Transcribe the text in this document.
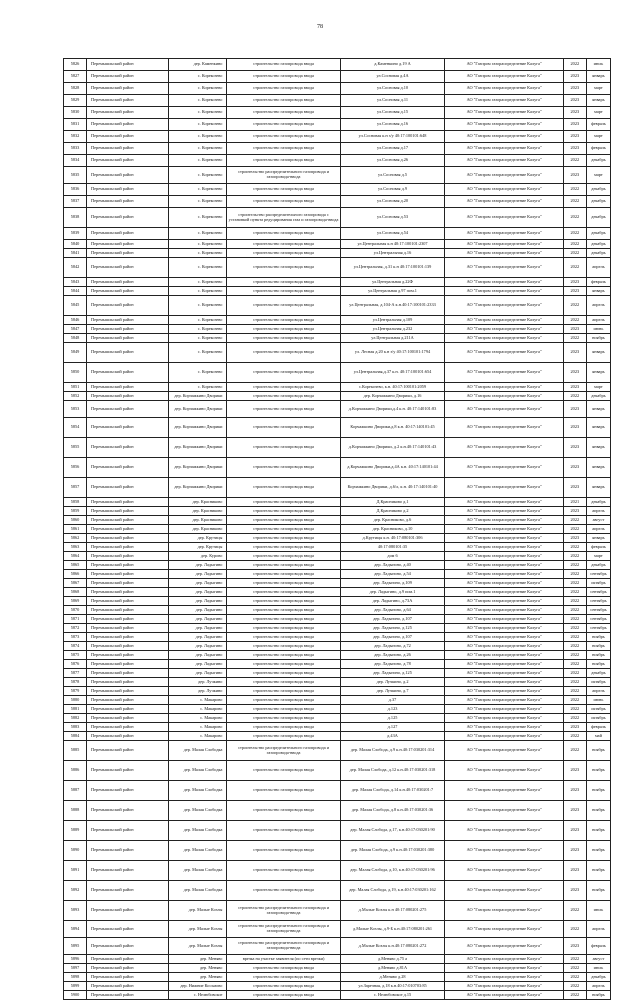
78
5826	Перемышльский район	дер. Каменкино	строительство газопровода ввода	д.Каменкино д.19 А	АО "Газпром газораспределение Калуга"	2022	июль
5827	Перемышльский район	с. Корекозево	строительство газопровода ввода	ул.Сосновая д.4А	АО "Газпром газораспределение Калуга"	2023	январь
5828	Перемышльский район	с. Корекозево	строительство газопровода ввода	ул.Сосновая д.10	АО "Газпром газораспределение Калуга"	2023	март
5829	Перемышльский район	с. Корекозево	строительство газопровода ввода	ул.Сосновая д.11	АО "Газпром газораспределение Калуга"	2023	январь
5830	Перемышльский район	с. Корекозево	строительство газопровода ввода	ул.Сосновая д.15	АО "Газпром газораспределение Калуга"	2023	март
5831	Перемышльский район	с. Корекозево	строительство газопровода ввода	ул.Сосновая д.16	АО "Газпром газораспределение Калуга"	2023	февраль
5832	Перемышльский район	с. Корекозево	строительство газопровода ввода	ул.Сосновая к.н з/у 40:17:100101:648	АО "Газпром газораспределение Калуга"	2023	март
5833	Перемышльский район	с. Корекозево	строительство газопровода ввода	ул.Сосновая д.17	АО "Газпром газораспределение Калуга"	2023	февраль
5834	Перемышльский район	с. Корекозево	строительство газопровода ввода	ул.Сосновая д.26	АО "Газпром газораспределение Калуга"	2022	декабрь
5835	Перемышльский район	с. Корекозево	строительство распределительного газопровода и газопровода-ввода	ул.Сосновая д.5	АО "Газпром газораспределение Калуга"	2023	март
5836	Перемышльский район	с. Корекозево	строительство газопровода ввода	ул.Сосновая д.9	АО "Газпром газораспределение Калуга"	2022	декабрь
5837	Перемышльский район	с. Корекозево	строительство газопровода ввода	ул.Сосновая д.20	АО "Газпром газораспределение Калуга"	2022	декабрь
5838	Перемышльский район	с. Корекозево	строительство распределительного газопровода с установкой пункта редуцирования газа и газопровода-ввода	ул.Сосновая д.53	АО "Газпром газораспределение Калуга"	2022	декабрь
5839	Перемышльский район	с. Корекозево	строительство газопровода ввода	ул.Сосновая д.54	АО "Газпром газораспределение Калуга"	2022	декабрь
5840	Перемышльский район	с. Корекозево	строительство газопровода ввода	ул.Центральная к.н 40:17:100101:2307	АО "Газпром газораспределение Калуга"	2022	декабрь
5841	Перемышльский район	с. Корекозево	строительство газопровода ввода	ул.Центральная д.16	АО "Газпром газораспределение Калуга"	2022	декабрь
5842	Перемышльский район	с. Корекозево	строительство газопровода ввода	ул.Центральная, д.31 к.н 40:17:100101:139	АО "Газпром газораспределение Калуга"	2022	апрель
5843	Перемышльский район	с. Корекозево	строительство газопровода ввода	ул.Центральная д.22Ф	АО "Газпром газораспределение Калуга"	2023	февраль
5844	Перемышльский район	с. Корекозево	строительство газопровода ввода	ул.Центральная д.97 пом.1	АО "Газпром газораспределение Калуга"	2023	январь
5845	Перемышльский район	с. Корекозево	строительство газопровода ввода	ул.Центральная, д.104-А к.н.40:17:100101:2333	АО "Газпром газораспределение Калуга"	2022	апрель
5846	Перемышльский район	с. Корекозево	строительство газопровода ввода	ул.Центральная д.109	АО "Газпром газораспределение Калуга"	2022	апрель
5847	Перемышльский район	с. Корекозево	строительство газопровода ввода	ул.Центральная д.232	АО "Газпром газораспределение Калуга"	2023	июнь
5848	Перемышльский район	с. Корекозево	строительство газопровода ввода	ул.Центральная д.211А	АО "Газпром газораспределение Калуга"	2022	ноябрь
5849	Перемышльский район	с. Корекозево	строительство газопровода ввода	ул. Лесная д.20 к.н з/у 40:17:100101:1794	АО "Газпром газораспределение Калуга"	2023	январь
5850	Перемышльский район	с. Корекозево	строительство газопровода ввода	ул.Центральная,д.37 к.н. 40:17:100101:654	АО "Газпром газораспределение Калуга"	2023	январь
5851	Перемышльский район	с. Корекозево	строительство газопровода ввода	с.Корекозево, к.н. 40:17:100101:2059	АО "Газпром газораспределение Калуга"	2023	март
5852	Перемышльский район	дер. Корчажкино Дворики	строительство газопровода ввода	дер. Корчажкино Дворики, д.16	АО "Газпром газораспределение Калуга"	2022	декабрь
5853	Перемышльский район	дер. Корчажкино Дворики	строительство газопровода ввода	д.Корчажкино Дворики,д.4 к.н. 40:17:140101:83	АО "Газпром газораспределение Калуга"	2023	январь
5854	Перемышльский район	дер. Корчажкино Дворики	строительство газопровода ввода	Корчажкино Дворики,д.8 к.н. 40:17:140101:45	АО "Газпром газораспределение Калуга"	2023	январь
5855	Перемышльский район	дер. Корчажкино Дворики	строительство газопровода ввода	д.Корчажкино Дворики, д.2 к.н.40:17:140101:43	АО "Газпром газораспределение Калуга"	2023	январь
5856	Перемышльский район	дер. Корчажкино Дворики	строительство газопровода ввода	д.Корчажкино Дворики,д.4А к.н. 40:17:140101:44	АО "Газпром газораспределение Калуга"	2023	январь
5857	Перемышльский район	дер. Корчажкино Дворики	строительство газопровода ввода	Корчажкино Дворики, д.6/л, к.н. 40:17:140101:40	АО "Газпром газораспределение Калуга"	2023	январь
5858	Перемышльский район	дер. Красниково	строительство газопровода ввода	Д.Красниково д.1	АО "Газпром газораспределение Калуга"	2021	декабрь
5859	Перемышльский район	дер. Красниково	строительство газопровода ввода	Д.Красниково д.2	АО "Газпром газораспределение Калуга"	2023	апрель
5860	Перемышльский район	дер. Красниково	строительство газопровода ввода	дер. Красниково, д.6	АО "Газпром газораспределение Калуга"	2022	август
5861	Перемышльский район	дер. Красниково	строительство газопровода ввода	дер. Красниково, д.10	АО "Газпром газораспределение Калуга"	2022	апрель
5862	Перемышльский район	дер. Крутицы	строительство газопровода ввода	д.Крутицы к.н. 40:17:080101:306	АО "Газпром газораспределение Калуга"	2023	январь
5863	Перемышльский район	дер. Крутицы	строительство газопровода ввода	40:17:080101:35	АО "Газпром газораспределение Калуга"	2022	февраль
5864	Перемышльский район	дер. Курово	строительство газопровода ввода	дом 6	АО "Газпром газораспределение Калуга"	2022	март
5865	Перемышльский район	дер. Ладыгино	строительство газопровода ввода	дер. Ладыгино, д.40	АО "Газпром газораспределение Калуга"	2022	декабрь
5866	Перемышльский район	дер. Ладыгино	строительство газопровода ввода	дер. Ладыгино, д.54	АО "Газпром газораспределение Калуга"	2022	сентябрь
5867	Перемышльский район	дер. Ладыгино	строительство газопровода ввода	дер. Ладыгино, д.109	АО "Газпром газораспределение Калуга"	2022	октябрь
5868	Перемышльский район	дер. Ладыгино	строительство газопровода ввода	дер. Ладыгино, д.9 пом.1	АО "Газпром газораспределение Калуга"	2022	сентябрь
5869	Перемышльский район	дер. Ладыгино	строительство газопровода ввода	дер. Ладыгино, д.73А	АО "Газпром газораспределение Калуга"	2022	сентябрь
5870	Перемышльский район	дер. Ладыгино	строительство газопровода ввода	дер. Ладыгино, д.64	АО "Газпром газораспределение Калуга"	2022	сентябрь
5871	Перемышльский район	дер. Ладыгино	строительство газопровода ввода	дер. Ладыгино, д.107	АО "Газпром газораспределение Калуга"	2022	сентябрь
5872	Перемышльский район	дер. Ладыгино	строительство газопровода ввода	дер. Ладыгино, д.125	АО "Газпром газораспределение Калуга"	2022	сентябрь
5873	Перемышльский район	дер. Ладыгино	строительство газопровода ввода	дер. Ладыгино, д.107	АО "Газпром газораспределение Калуга"	2022	ноябрь
5874	Перемышльский район	дер. Ладыгино	строительство газопровода ввода	дер. Ладыгино, д.72	АО "Газпром газораспределение Калуга"	2022	ноябрь
5875	Перемышльский район	дер. Ладыгино	строительство газопровода ввода	дер. Ладыгино, д.26	АО "Газпром газораспределение Калуга"	2022	ноябрь
5876	Перемышльский район	дер. Ладыгино	строительство газопровода ввода	дер. Ладыгино, д.78	АО "Газпром газораспределение Калуга"	2022	ноябрь
5877	Перемышльский район	дер. Ладыгино	строительство газопровода ввода	дер. Ладыгино, д.125	АО "Газпром газораспределение Калуга"	2022	декабрь
5878	Перемышльский район	дер. Лучкино	строительство газопровода ввода	дер. Лучкино, д.2	АО "Газпром газораспределение Калуга"	2022	октябрь
5879	Перемышльский район	дер. Лучкино	строительство газопровода ввода	дер. Лучкино, д.7	АО "Газпром газораспределение Калуга"	2022	апрель
5880	Перемышльский район	с. Макарово	строительство газопровода ввода	д.37	АО "Газпром газораспределение Калуга"	2022	июнь
5881	Перемышльский район	с. Макарово	строительство газопровода ввода	д.123	АО "Газпром газораспределение Калуга"	2022	октябрь
5882	Перемышльский район	с. Макарово	строительство газопровода ввода	д.125	АО "Газпром газораспределение Калуга"	2022	октябрь
5883	Перемышльский район	с. Макарово	строительство газопровода ввода	д.127	АО "Газпром газораспределение Калуга"	2023	февраль
5884	Перемышльский район	с. Макарово	строительство газопровода ввода	д.43А	АО "Газпром газораспределение Калуга"	2022	май
5885	Перемышльский район	дер. Малая Слободка	строительство распределительного газопровода и газопровода-ввода	дер. Малая Слобода, д.9 к.н.40:17:030201:314	АО "Газпром газораспределение Калуга"	2022	ноябрь
5886	Перемышльский район	дер. Малая Слободка	строительство газопровода ввода	дер. Малая Слобода, д.12 к.н.40:17:030201:318	АО "Газпром газораспределение Калуга"	2023	ноябрь
5887	Перемышльский район	дер. Малая Слободка	строительство газопровода ввода	дер. Малая Слобода, д.14 к.н.40:17:030201:7	АО "Газпром газораспределение Калуга"	2023	ноябрь
5888	Перемышльский район	дер. Малая Слободка	строительство газопровода ввода	дер. Малая Слобода, д.8 к.н.40:17:030201:36	АО "Газпром газораспределение Калуга"	2023	ноябрь
5889	Перемышльский район	дер. Малая Слободка	строительство газопровода ввода	дер. Малая Слобода, д.17, к.н.40:17:030201:90	АО "Газпром газораспределение Калуга"	2023	ноябрь
5890	Перемышльский район	дер. Малая Слободка	строительство газопровода ввода	дер. Малая Слобода, д.9 к.н.40:17:030201:380	АО "Газпром газораспределение Калуга"	2023	ноябрь
5891	Перемышльский район	дер. Малая Слободка	строительство газопровода ввода	дер. Малая Слобода, д.10, к.н.40:17:030201:96	АО "Газпром газораспределение Калуга"	2023	ноябрь
5892	Перемышльский район	дер. Малая Слободка	строительство газопровода ввода	дер. Малая Слобода, д.19, к.н.40:17:030201:162	АО "Газпром газораспределение Калуга"	2023	ноябрь
5893	Перемышльский район	дер. Малые Козлы	строительство распределительного газопровода и газопровода-ввода	д.Малые Козлы к.н 40:17:080201:275	АО "Газпром газораспределение Калуга"	2022	июль
5894	Перемышльский район	дер. Малые Козлы	строительство распределительного газопровода и газопровода-ввода	д.Малые Козлы, д.9-Б к.н.40:17:080201:261	АО "Газпром газораспределение Калуга"	2022	апрель
5895	Перемышльский район	дер. Малые Козлы	строительство распределительного газопровода и газопровода-ввода	д.Малые Козлы к.н.40:17:080201:272	АО "Газпром газораспределение Калуга"	2023	февраль
5896	Перемышльский район	дер. Меняво	врезка на участке заявителя (по сети врезки)	д.Меняво д.75 а	АО "Газпром газораспределение Калуга"	2022	август
5897	Перемышльский район	дер. Меняво	строительство газопровода ввода	д.Меняво д.81А	АО "Газпром газораспределение Калуга"	2022	июль
5898	Перемышльский район	дер. Меняво	строительство газопровода ввода	д.Меняво д.28	АО "Газпром газораспределение Калуга"	2022	декабрь
5899	Перемышльский район	дер. Нижние Косьмово	строительство газопровода ввода	ул.Заречная, д.18 к.н.40:17:010703:85	АО "Газпром газораспределение Калуга"	2022	апрель
5900	Перемышльский район	с. Нелюбовское	строительство газопровода ввода	с. Нелюбовское д.15	АО "Газпром газораспределение Калуга"	2022	ноябрь
